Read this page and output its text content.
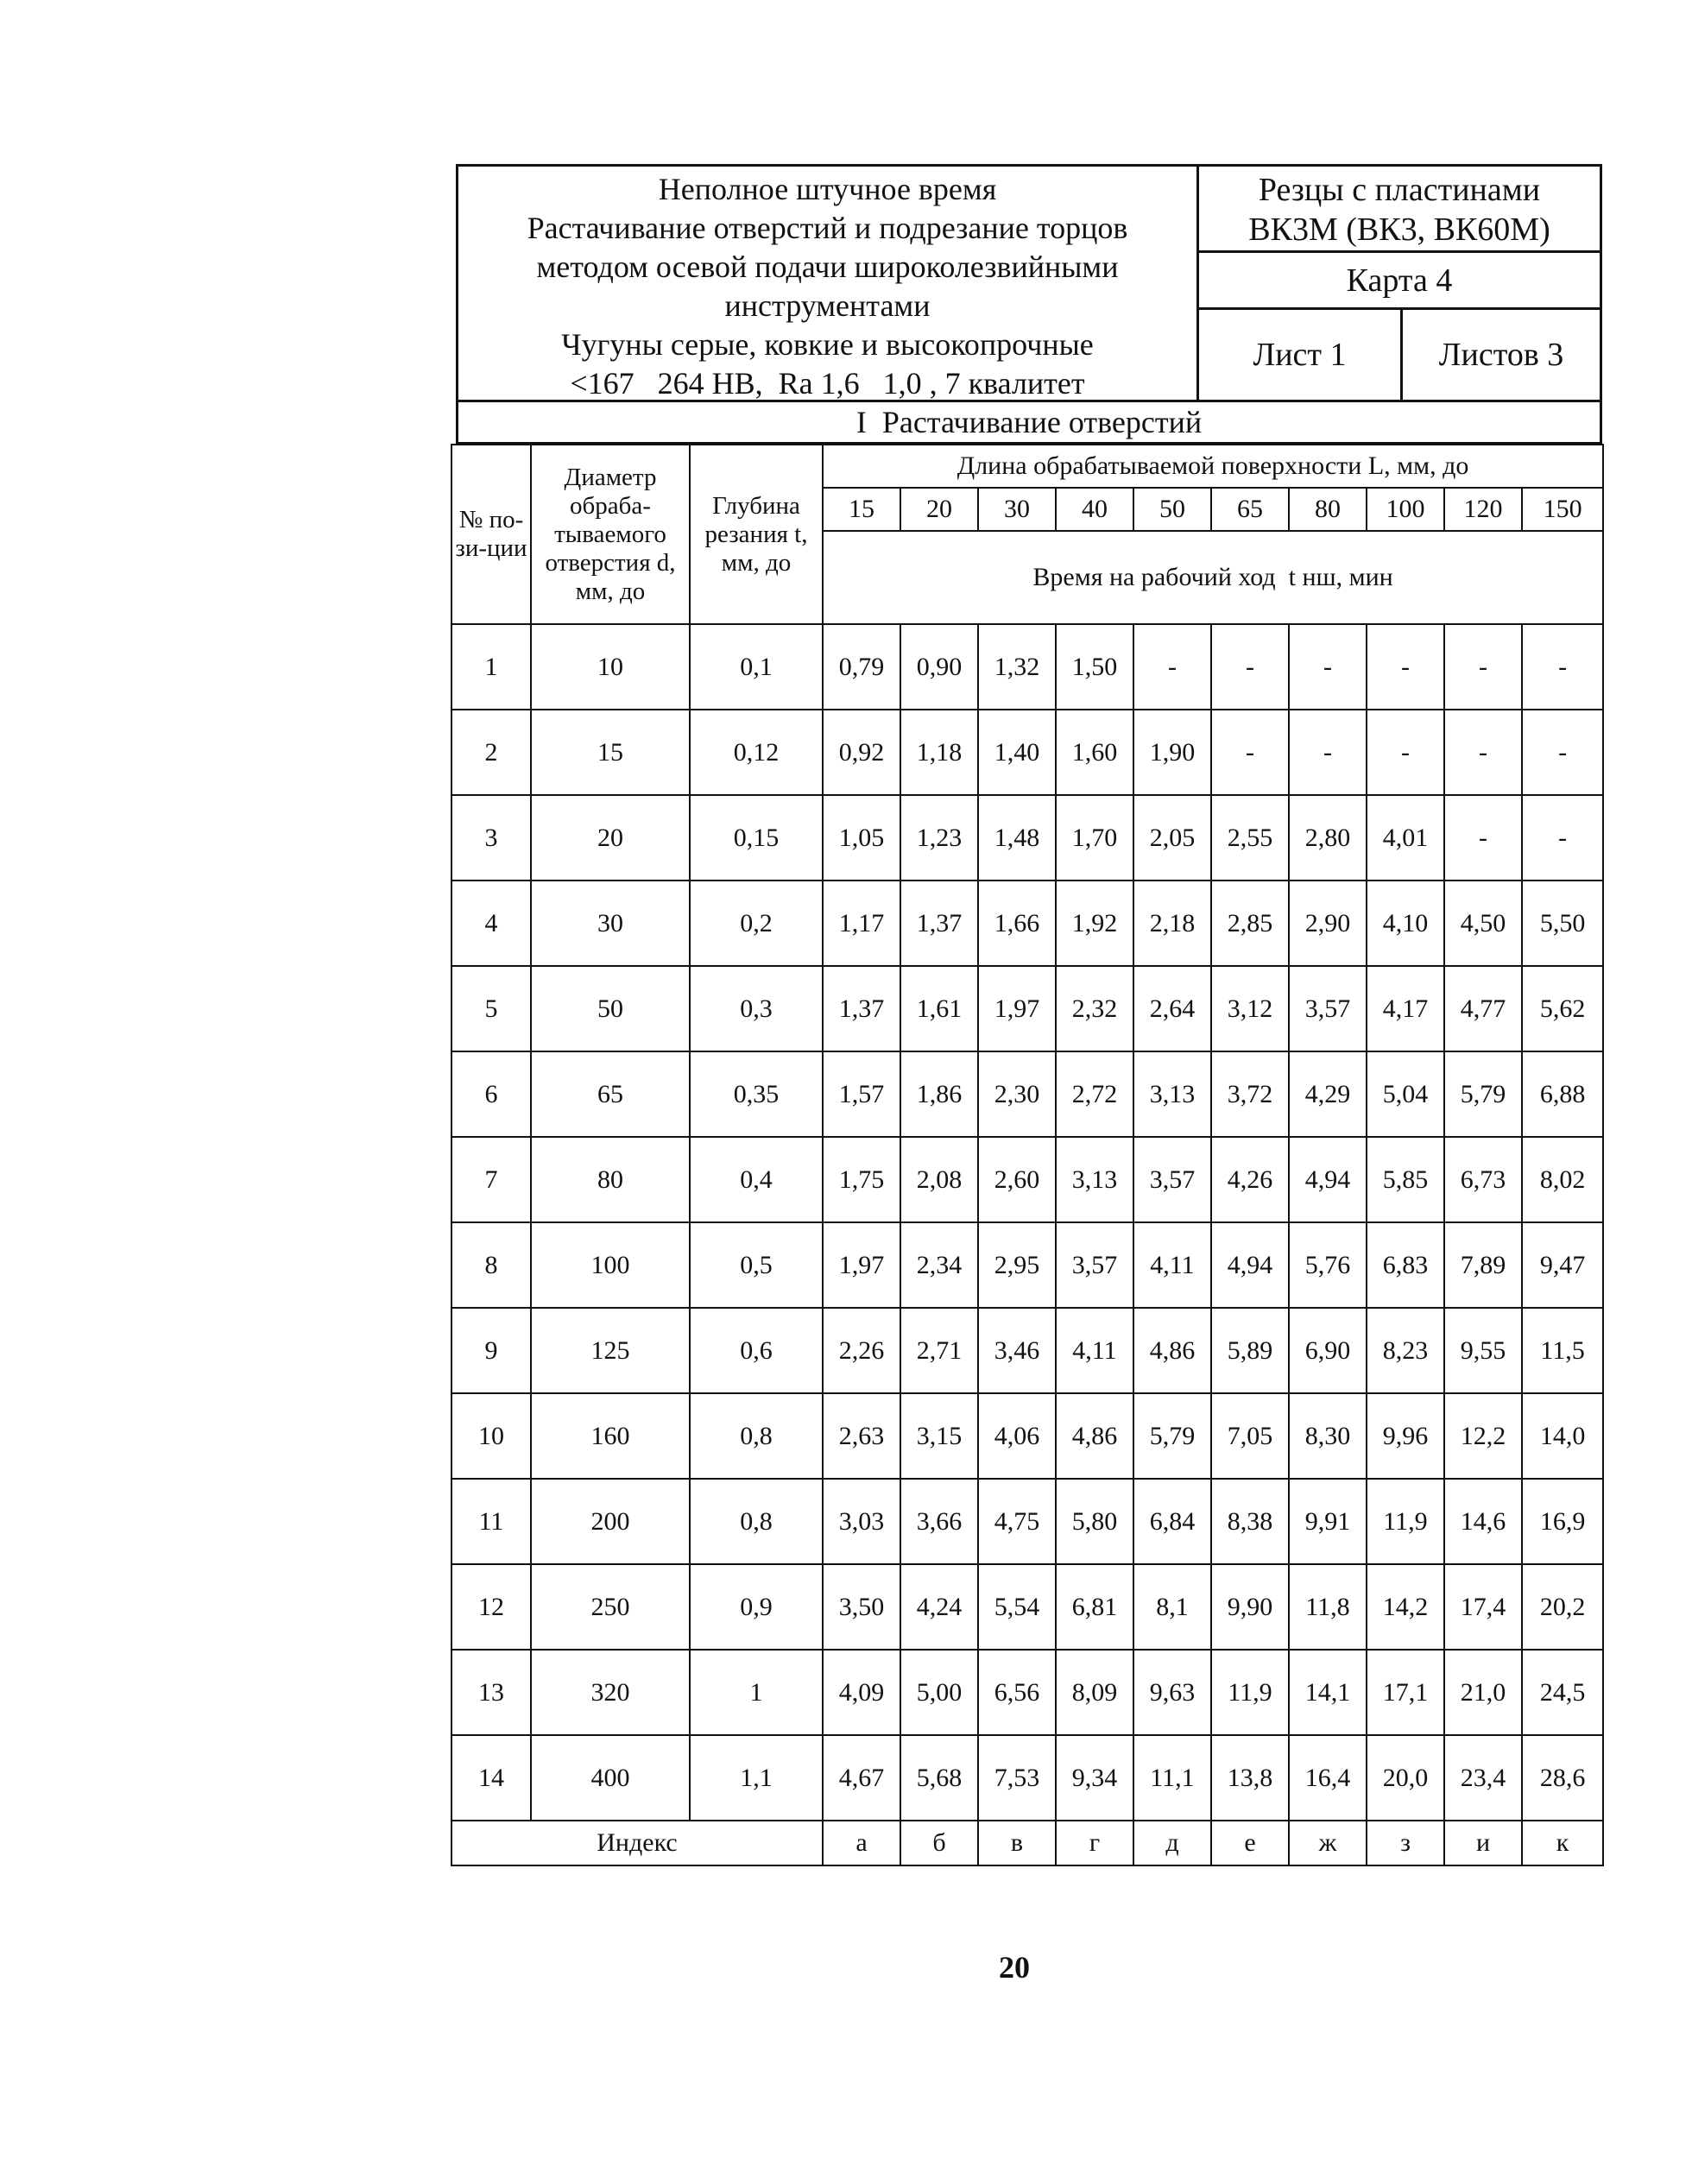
Неполное штучное время
Растачивание отверстий и подрезание торцов
методом осевой подачи широколезвийными
инструментами
Чугуны серые, ковкие и высокопрочные
<167   264 НВ,  Ra 1,6   1,0 , 7 квалитет
Резцы с пластинами
ВК3М (ВК3, ВК60М)
Карта 4
Лист 1	Листов 3
I  Растачивание отверстий
№ по-зи-ции	Диаметр обраба-тываемого отверстия d, мм, до	Глубина резания t, мм, до	Длина обрабатываемой поверхности L, мм, до									
			15	20	30	40	50	65	80	100	120	150
			Время на рабочий ход  t нш, мин									
1	10	0,1	0,79	0,90	1,32	1,50	-	-	-	-	-	-
2	15	0,12	0,92	1,18	1,40	1,60	1,90	-	-	-	-	-
3	20	0,15	1,05	1,23	1,48	1,70	2,05	2,55	2,80	4,01	-	-
4	30	0,2	1,17	1,37	1,66	1,92	2,18	2,85	2,90	4,10	4,50	5,50
5	50	0,3	1,37	1,61	1,97	2,32	2,64	3,12	3,57	4,17	4,77	5,62
6	65	0,35	1,57	1,86	2,30	2,72	3,13	3,72	4,29	5,04	5,79	6,88
7	80	0,4	1,75	2,08	2,60	3,13	3,57	4,26	4,94	5,85	6,73	8,02
8	100	0,5	1,97	2,34	2,95	3,57	4,11	4,94	5,76	6,83	7,89	9,47
9	125	0,6	2,26	2,71	3,46	4,11	4,86	5,89	6,90	8,23	9,55	11,5
10	160	0,8	2,63	3,15	4,06	4,86	5,79	7,05	8,30	9,96	12,2	14,0
11	200	0,8	3,03	3,66	4,75	5,80	6,84	8,38	9,91	11,9	14,6	16,9
12	250	0,9	3,50	4,24	5,54	6,81	8,1	9,90	11,8	14,2	17,4	20,2
13	320	1	4,09	5,00	6,56	8,09	9,63	11,9	14,1	17,1	21,0	24,5
14	400	1,1	4,67	5,68	7,53	9,34	11,1	13,8	16,4	20,0	23,4	28,6
Индекс			а	б	в	г	д	е	ж	з	и	к
20
